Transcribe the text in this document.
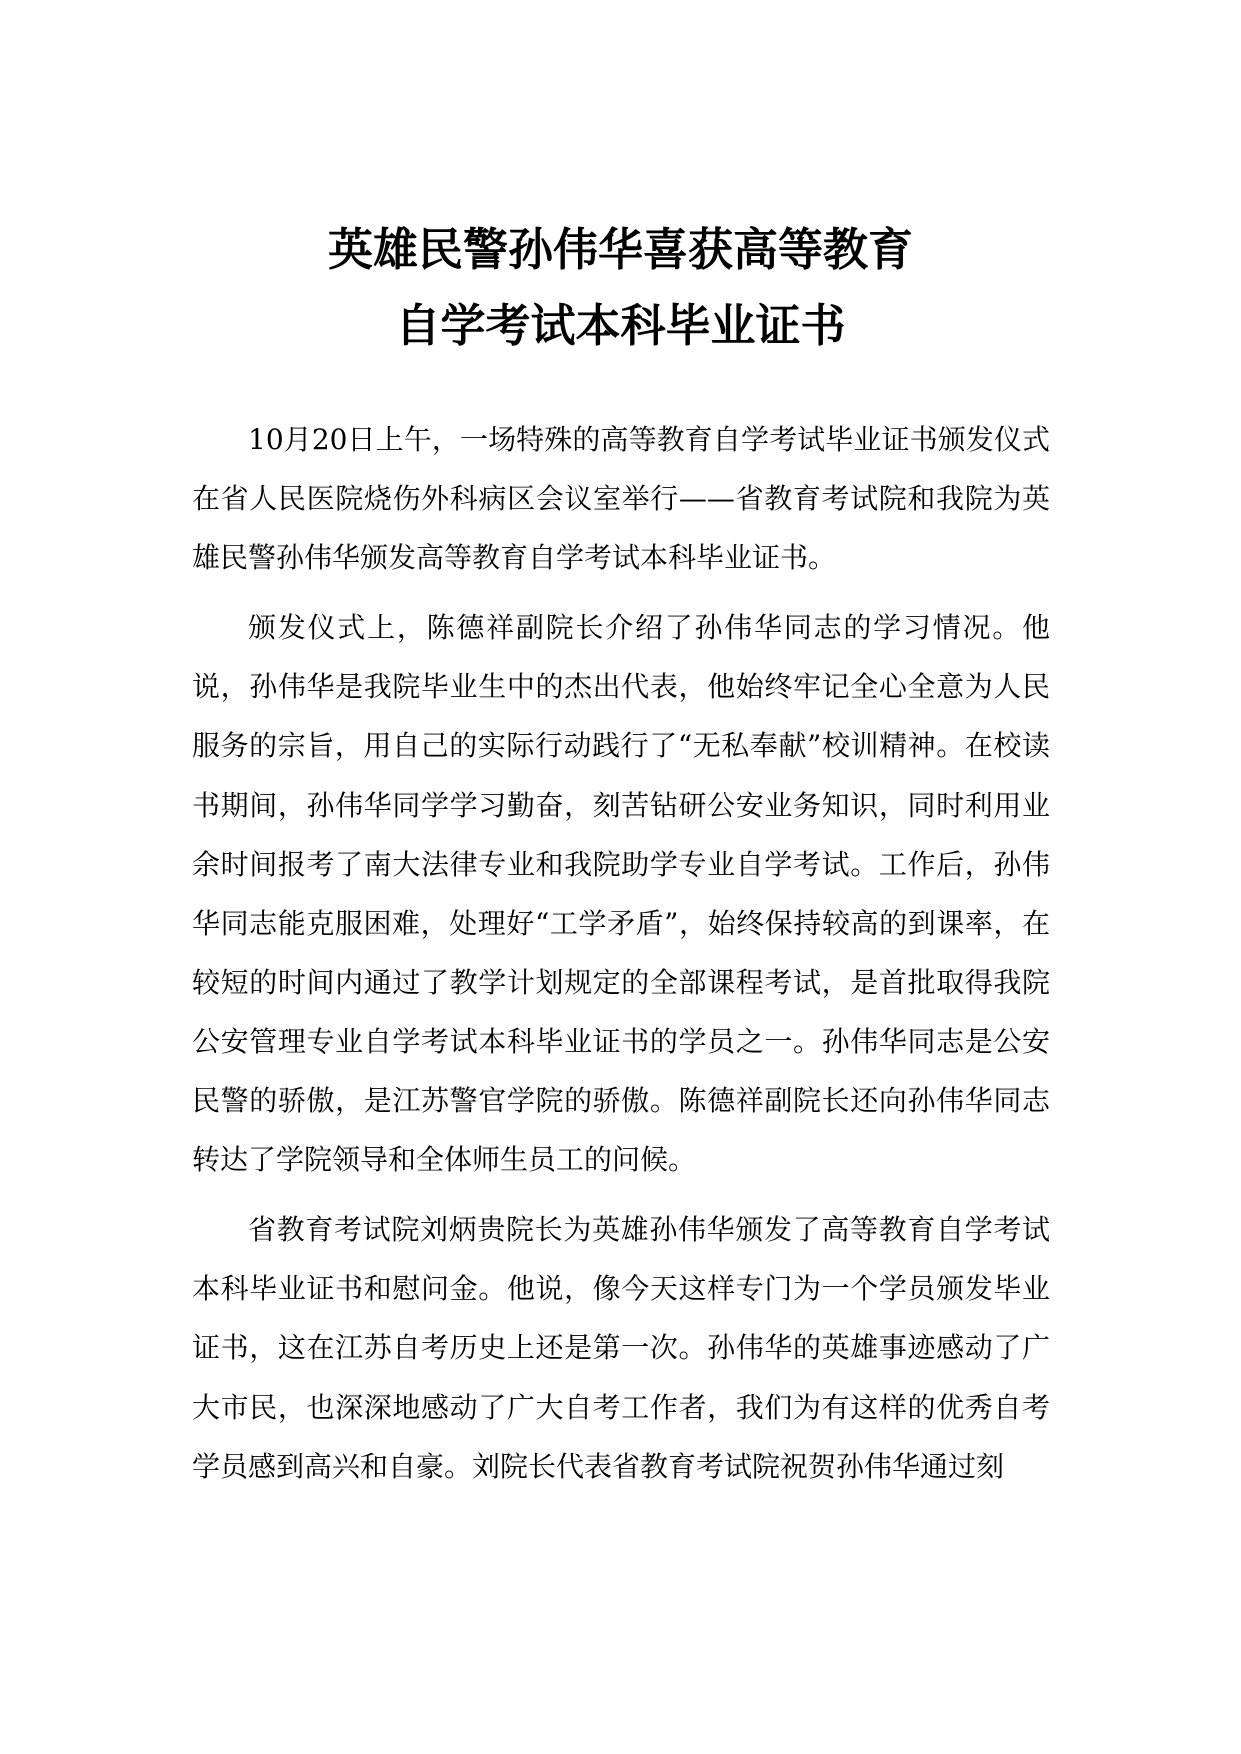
英雄民警孙伟华喜获高等教育
自学考试本科毕业证书

10月20日上午，一场特殊的高等教育自学考试毕业证书颁发仪式在省人民医院烧伤外科病区会议室举行——省教育考试院和我院为英雄民警孙伟华颁发高等教育自学考试本科毕业证书。

颁发仪式上，陈德祥副院长介绍了孙伟华同志的学习情况。他说，孙伟华是我院毕业生中的杰出代表，他始终牢记全心全意为人民服务的宗旨，用自己的实际行动践行了“无私奉献”校训精神。在校读书期间，孙伟华同学学习勤奋，刻苦钻研公安业务知识，同时利用业余时间报考了南大法律专业和我院助学专业自学考试。工作后，孙伟华同志能克服困难，处理好“工学矛盾”，始终保持较高的到课率，在较短的时间内通过了教学计划规定的全部课程考试，是首批取得我院公安管理专业自学考试本科毕业证书的学员之一。孙伟华同志是公安民警的骄傲，是江苏警官学院的骄傲。陈德祥副院长还向孙伟华同志转达了学院领导和全体师生员工的问候。

省教育考试院刘炳贵院长为英雄孙伟华颁发了高等教育自学考试本科毕业证书和慰问金。他说，像今天这样专门为一个学员颁发毕业证书，这在江苏自考历史上还是第一次。孙伟华的英雄事迹感动了广大市民，也深深地感动了广大自考工作者，我们为有这样的优秀自考学员感到高兴和自豪。刘院长代表省教育考试院祝贺孙伟华通过刻
